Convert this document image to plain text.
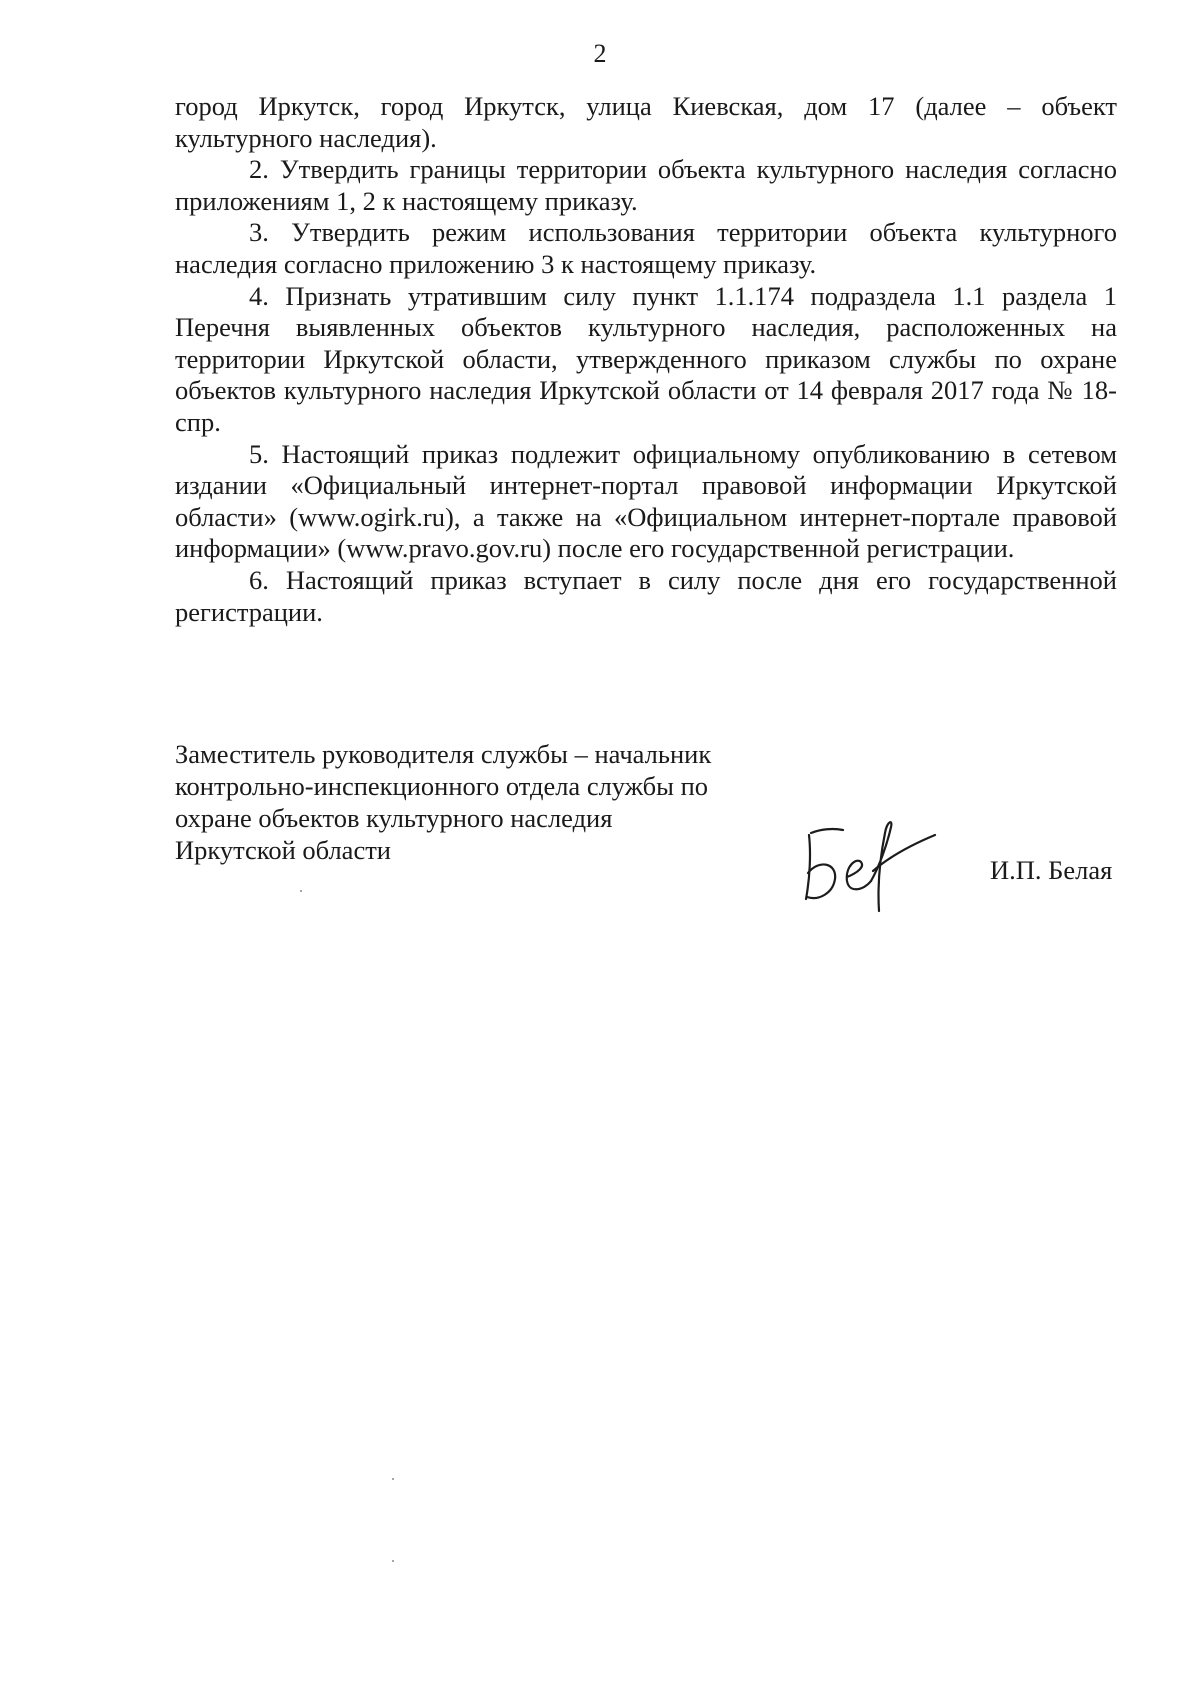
2

город Иркутск, город Иркутск, улица Киевская, дом 17 (далее – объект культурного наследия).

2. Утвердить границы территории объекта культурного наследия согласно приложениям 1, 2 к настоящему приказу.

3. Утвердить режим использования территории объекта культурного наследия согласно приложению 3 к настоящему приказу.

4. Признать утратившим силу пункт 1.1.174 подраздела 1.1 раздела 1 Перечня выявленных объектов культурного наследия, расположенных на территории Иркутской области, утвержденного приказом службы по охране объектов культурного наследия Иркутской области от 14 февраля 2017 года № 18-спр.

5. Настоящий приказ подлежит официальному опубликованию в сетевом издании «Официальный интернет-портал правовой информации Иркутской области» (www.ogirk.ru), а также на «Официальном интернет-портале правовой информации» (www.pravo.gov.ru) после его государственной регистрации.

6. Настоящий приказ вступает в силу после дня его государственной регистрации.

Заместитель руководителя службы – начальник

контрольно-инспекционного отдела службы по

охране объектов культурного наследия

Иркутской области

И.П. Белая
